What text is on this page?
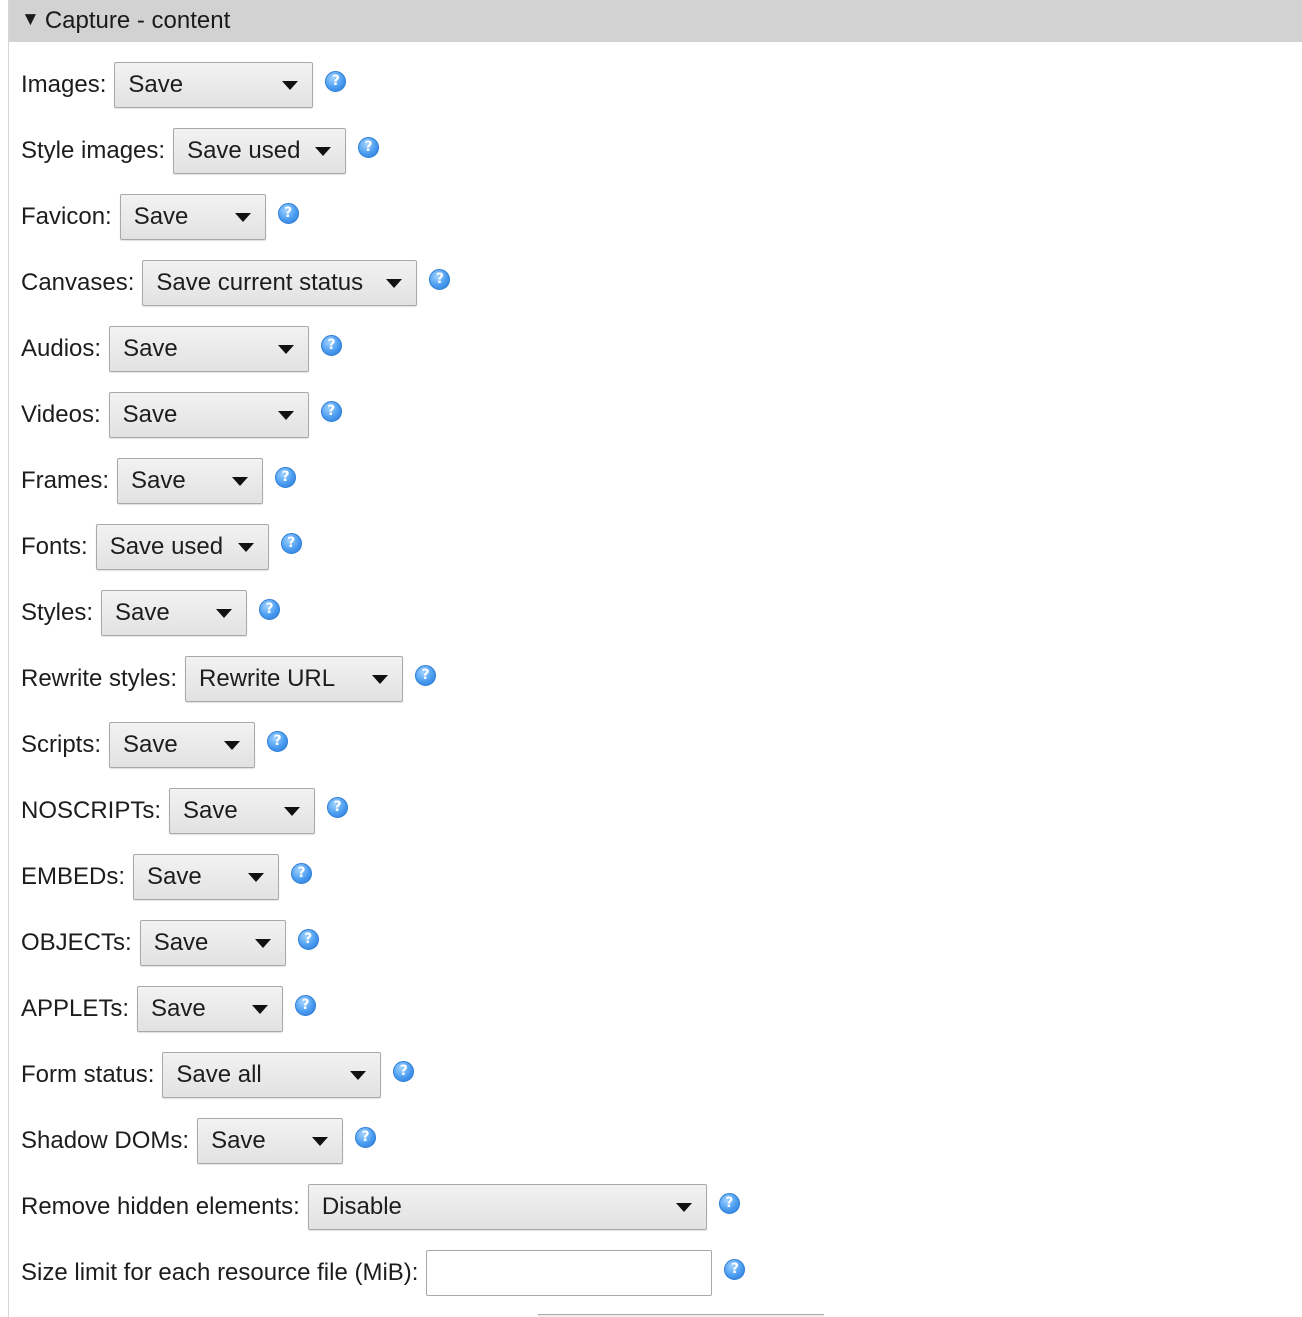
▼ Capture - content
Images: Save	?
Style images: Save used	?
Favicon: Save	?
Canvases: Save current status	?
Audios: Save	?
Videos: Save	?
Frames: Save	?
Fonts: Save used	?
Styles: Save	?
Rewrite styles: Rewrite URL	?
Scripts: Save	?
NOSCRIPTs: Save	?
EMBEDs: Save	?
OBJECTs: Save	?
APPLETs: Save	?
Form status: Save all	?
Shadow DOMs: Save	?
Remove hidden elements: Disable	?
Size limit for each resource file (MiB):	?
